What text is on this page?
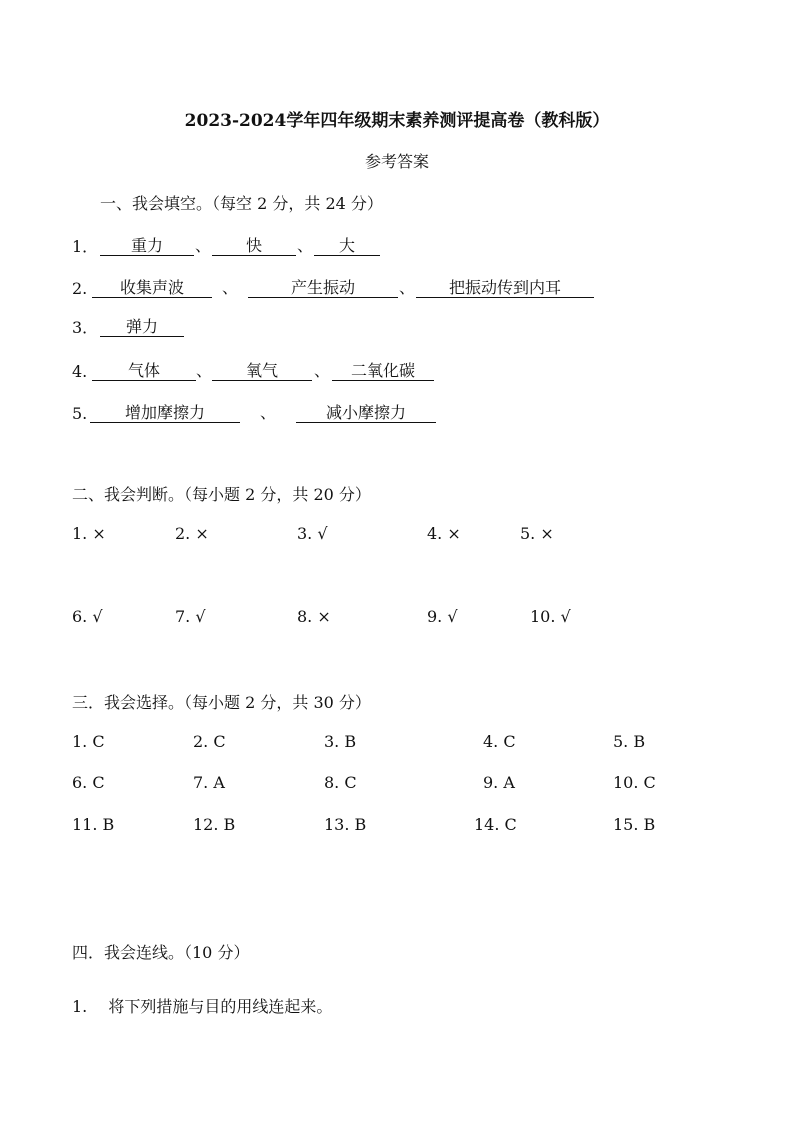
2023-2024学年四年级期末素养测评提高卷（教科版）
参考答案
一、我会填空。（每空 2 分，共 24 分）
1．	重力	、	快	、	大
2.	收集声波	、	产生振动	、	把振动传到内耳
3．	弹力
4.	气体	、	氧气	、	二氧化碳
5.	增加摩擦力	、	减小摩擦力
二、我会判断。（每小题 2 分，共 20 分）
1. ×	2. ×	3. √	4. ×	5. ×
6. √	7. √	8. ×	9. √	10. √
三．我会选择。（每小题 2 分，共 30 分）
1. C	2. C	3. B	4. C	5. B
6. C	7. A	8. C	9. A	10. C
11. B	12. B	13. B	14. C	15. B
四．我会连线。（10 分）
1.　 将下列措施与目的用线连起来。
